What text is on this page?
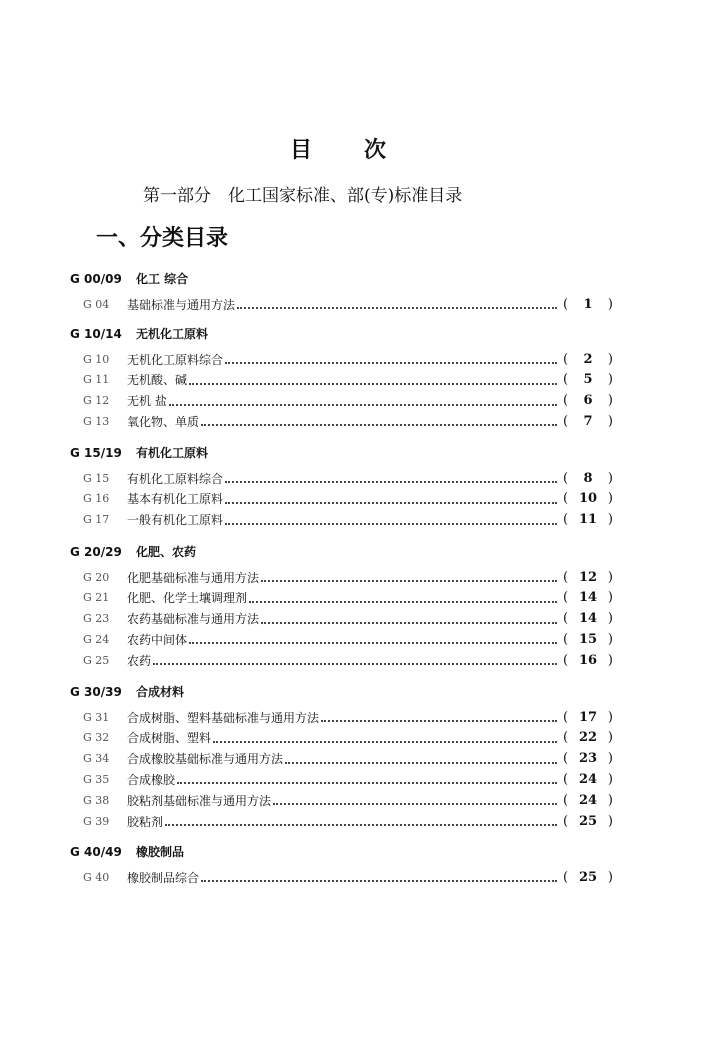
目 次
第一部分　化工国家标准、部(专)标准目录
一、分类目录
G 00/09 化工 综合
G 04	基础标准与通用方法	( 1 )
G 10/14 无机化工原料
G 10	无机化工原料综合	( 2 )
G 11	无机酸、碱	( 5 )
G 12	无机 盐	( 6 )
G 13	氧化物、单质	( 7 )
G 15/19 有机化工原料
G 15	有机化工原料综合	( 8 )
G 16	基本有机化工原料	( 10 )
G 17	一般有机化工原料	( 11 )
G 20/29 化肥、农药
G 20	化肥基础标准与通用方法	( 12 )
G 21	化肥、化学土壤调理剂	( 14 )
G 23	农药基础标准与通用方法	( 14 )
G 24	农药中间体	( 15 )
G 25	农药	( 16 )
G 30/39 合成材料
G 31	合成树脂、塑料基础标准与通用方法	( 17 )
G 32	合成树脂、塑料	( 22 )
G 34	合成橡胶基础标准与通用方法	( 23 )
G 35	合成橡胶	( 24 )
G 38	胶粘剂基础标准与通用方法	( 24 )
G 39	胶粘剂	( 25 )
G 40/49 橡胶制品
G 40	橡胶制品综合	( 25 )
